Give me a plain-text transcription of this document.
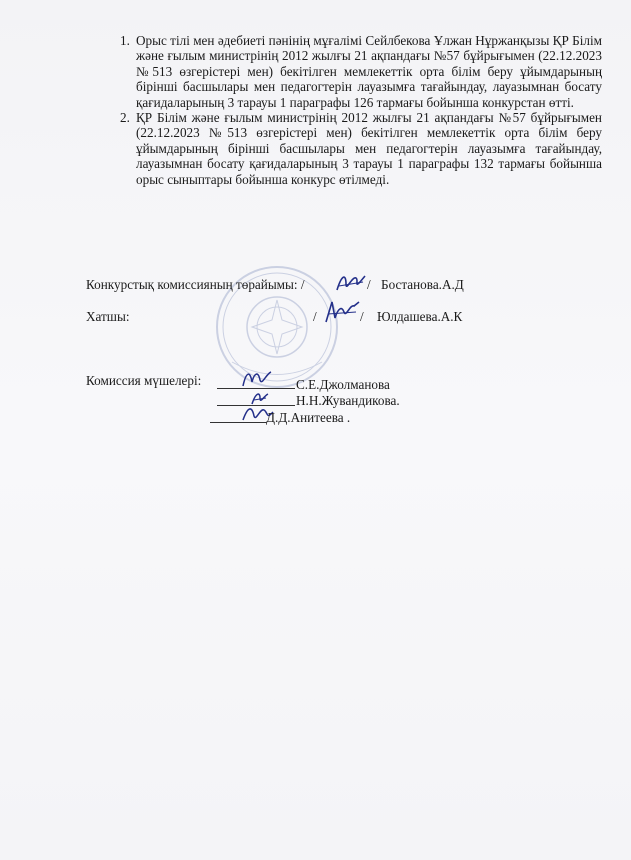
1. Орыс тілі мен әдебиеті пәнінің мұғалімі Сейлбекова Ұлжан Нұржанқызы ҚР Білім және ғылым министрінің 2012 жылғы 21 ақпандағы №57 бұйрығымен (22.12.2023 №513 өзгерістері мен) бекітілген мемлекеттік орта білім беру ұйымдарының бірінші басшылары мен педагогтерін лауазымға тағайындау, лауазымнан босату қағидаларының 3 тарауы 1 параграфы 126 тармағы бойынша конкурстан өтті.
2. ҚР Білім және ғылым министрінің 2012 жылғы 21 ақпандағы №57 бұйрығымен (22.12.2023 №513 өзгерістері мен) бекітілген мемлекеттік орта білім беру ұйымдарының бірінші басшылары мен педагогтерін лауазымға тағайындау, лауазымнан босату қағидаларының 3 тарауы 1 параграфы 132 тармағы бойынша орыс сыныптары бойынша конкурс өтілмеді.
Конкурстық комиссияның төрайымы: /	/ Бостанова.А.Д
Хатшы:	/	/ Юлдашева.А.К
Комиссия мүшелері:	С.Е.Джолманова
Н.Н.Жувандикова.
Д.Д.Анитеева .
